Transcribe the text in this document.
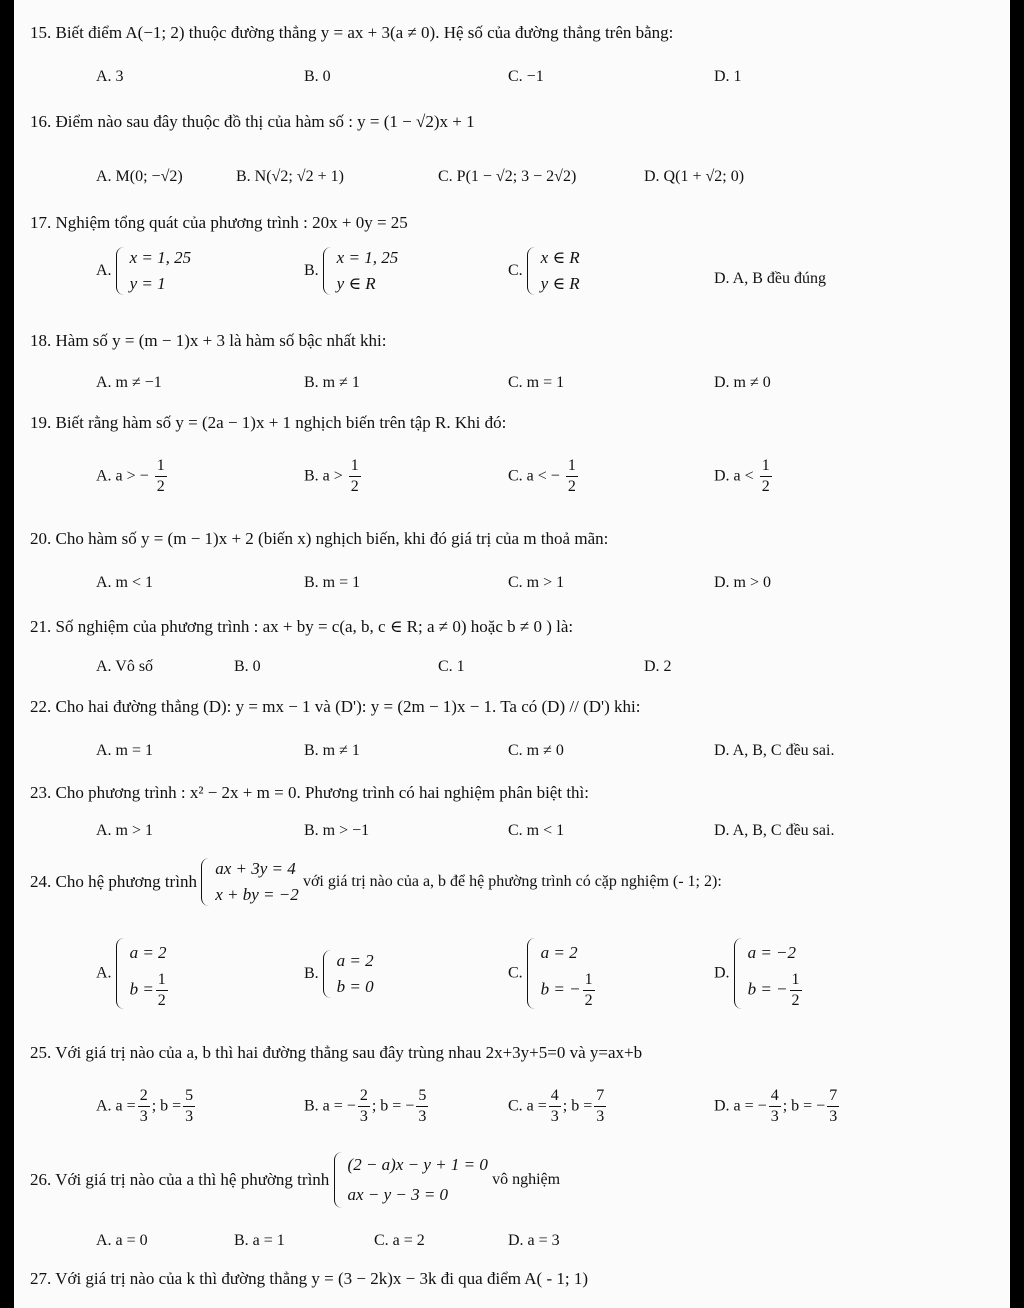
15. Biết điểm A(−1; 2) thuộc đường thẳng y = ax + 3(a ≠ 0). Hệ số của đường thẳng trên bằng:
A. 3	B. 0	C. −1	D. 1
16. Điểm nào sau đây thuộc đồ thị của hàm số : y = (1 − √2)x + 1
A. M(0; −√2)	B. N(√2; √2 + 1)	C. P(1 − √2; 3 − 2√2)	D. Q(1 + √2; 0)
17. Nghiệm tổng quát của phương trình : 20x + 0y = 25
A.
x = 1, 25
y = 1
B.
x = 1, 25
y ∈ R
C.
x ∈ R
y ∈ R	D. A, B đều đúng
18. Hàm số y = (m − 1)x + 3 là hàm số bậc nhất khi:
A. m ≠ −1	B. m ≠ 1	C. m = 1	D. m ≠ 0
19. Biết rằng hàm số y = (2a − 1)x + 1 nghịch biến trên tập R. Khi đó:
A. a > − $\frac{1}{2}$	B. $a > \frac{1}{2}$	C. a < − $\frac{1}{2}$	D. $a < \frac{1}{2}$
20. Cho hàm số y = (m − 1)x + 2 (biến x) nghịch biến, khi đó giá trị của m thoả mãn:
A. m < 1	B. m = 1	C. m > 1	D. m > 0
21. Số nghiệm của phương trình : ax + by = c(a, b, c ∈ R; a ≠ 0) hoặc b ≠ 0 ) là:
A. Vô số	B. 0	C. 1	D. 2
22. Cho hai đường thẳng (D): y = mx − 1 và (D'): y = (2m − 1)x − 1. Ta có (D) // (D') khi:
A. m = 1	B. m ≠ 1	C. m ≠ 0	D. A, B, C đều sai.
23. Cho phương trình : x² − 2x + m = 0. Phương trình có hai nghiệm phân biệt thì:
A. m > 1	B. m > −1	C. m < 1	D. A, B, C đều sai.
24. Cho hệ phương trình
ax + 3y = 4
x + by = −2
với giá trị nào của a, b để hệ phường trình có cặp nghiệm (- 1; 2):
A.
a = 2
$b = \frac{1}{2}$	B.
a = 2
b = 0
C.
a = 2
b = − $\frac{1}{2}$	D.
a = −2
b = − $\frac{1}{2}$
25. Với giá trị nào của a, b thì hai đường thẳng sau đây trùng nhau 2x+3y+5=0 và y=ax+b
A. $a = \frac{2}{3}$ ; $b = \frac{5}{3}$	B. a = − $\frac{2}{3}$ ; b = − $\frac{5}{3}$	C. $a = \frac{4}{3}$ ; $b = \frac{7}{3}$	D. a = − $\frac{4}{3}$ ; b = − $\frac{7}{3}$
26. Với giá trị nào của a thì hệ phường trình
(2 − a)x − y + 1 = 0
ax − y − 3 = 0
vô nghiệm
A. a = 0	B. a = 1	C. a = 2	D. a = 3
27. Với giá trị nào của k thì đường thẳng y = (3 − 2k)x − 3k đi qua điểm A( - 1; 1)
